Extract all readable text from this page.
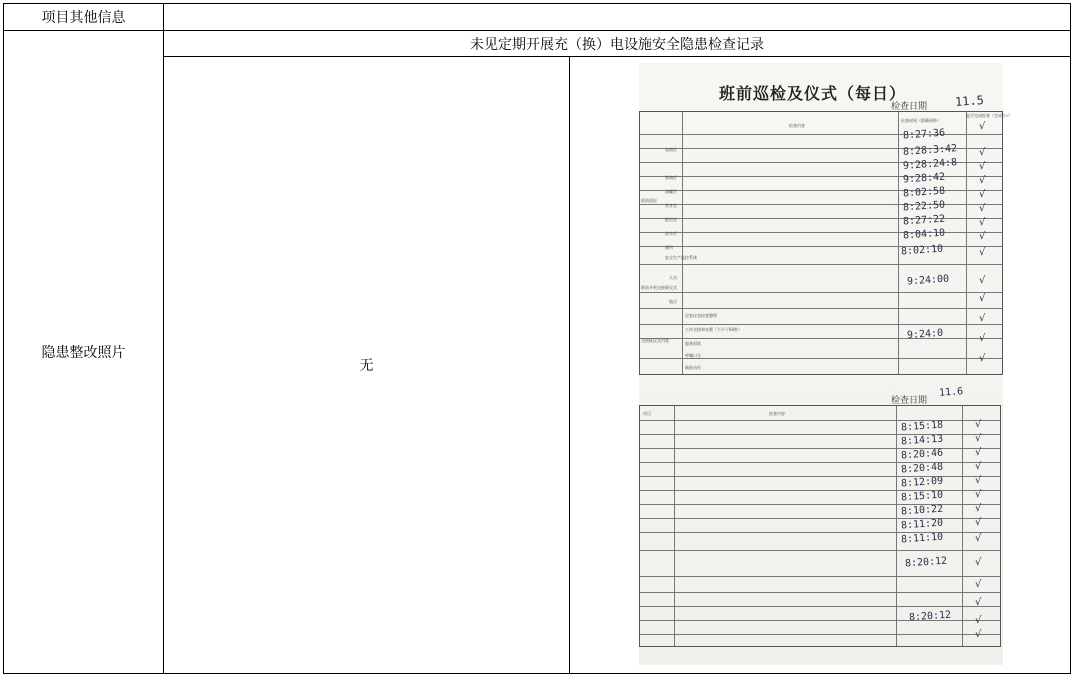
项目其他信息
隐患整改照片
未见定期开展充（换）电设施安全隐患检查记录
无
班前巡检及仪式（每日）
检查日期 11.5
检查内容
检查时间（精确到秒）
是否完成检查（完成打√）
班前巡检
班前开展交接班仪式
交接班仪式内容
加油区
卸油区
油罐区
营业室
配电室
洗车区
厕所
安全生产监控系统
人员
地点
仪容仪表检查整理
工作交接和布置（不少于60秒）
服务训练
呼喊口号
鼓励动作
8:27:36
8:28:3:42
9:28:24:8
9:28:42
8:02:58
8:22:50
8:27:22
8:04:10
8:02:10
9:24:00
9:24:0
√
√
√
√
√
√
√
√
√
√
√
√
√
√
检查日期
11.6
项目	检查内容
8:15:18
8:14:13
8:20:46
8:20:48
8:12:09
8:15:10
8:10:22
8:11:20
8:11:10
8:20:12
8:20:12
√
√
√
√
√
√
√
√
√
√
√
√
√
√
